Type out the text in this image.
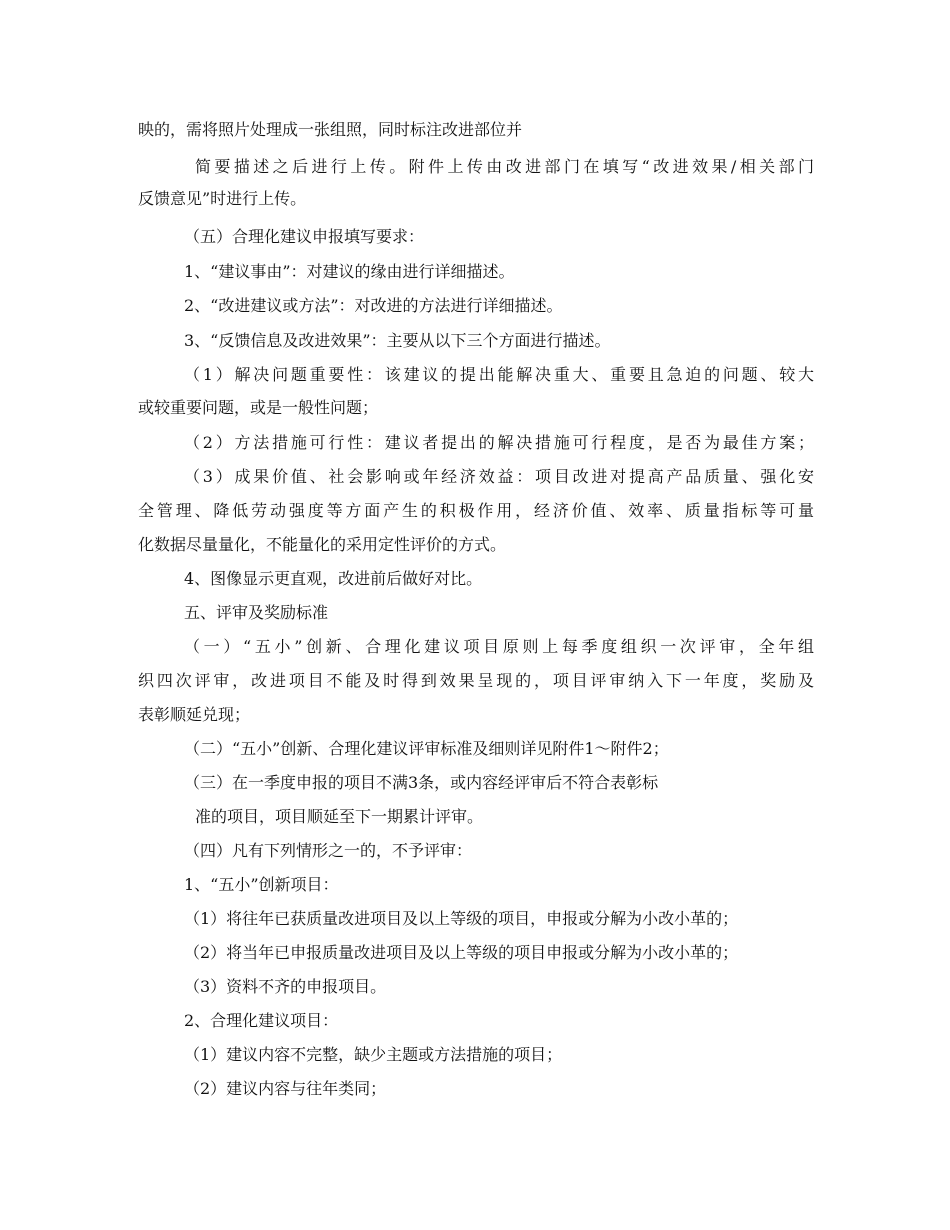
映的，需将照片处理成一张组照，同时标注改进部位并
简要描述之后进行上传。附件上传由改进部门在填写“改进效果/相关部门
反馈意见”时进行上传。
（五）合理化建议申报填写要求：
1、“建议事由”：对建议的缘由进行详细描述。
2、“改进建议或方法”：对改进的方法进行详细描述。
3、“反馈信息及改进效果”：主要从以下三个方面进行描述。
（1）解决问题重要性：该建议的提出能解决重大、重要且急迫的问题、较大
或较重要问题，或是一般性问题；
（2）方法措施可行性：建议者提出的解决措施可行程度，是否为最佳方案；
（3）成果价值、社会影响或年经济效益：项目改进对提高产品质量、强化安
全管理、降低劳动强度等方面产生的积极作用，经济价值、效率、质量指标等可量
化数据尽量量化，不能量化的采用定性评价的方式。
4、图像显示更直观，改进前后做好对比。
五、评审及奖励标准
（一）“五小”创新、合理化建议项目原则上每季度组织一次评审，全年组
织四次评审，改进项目不能及时得到效果呈现的，项目评审纳入下一年度，奖励及
表彰顺延兑现；
（二）“五小”创新、合理化建议评审标准及细则详见附件1～附件2；
（三）在一季度申报的项目不满3条，或内容经评审后不符合表彰标
准的项目，项目顺延至下一期累计评审。
（四）凡有下列情形之一的，不予评审：
1、“五小”创新项目：
（1）将往年已获质量改进项目及以上等级的项目，申报或分解为小改小革的；
（2）将当年已申报质量改进项目及以上等级的项目申报或分解为小改小革的；
（3）资料不齐的申报项目。
2、合理化建议项目：
（1）建议内容不完整，缺少主题或方法措施的项目；
（2）建议内容与往年类同；
